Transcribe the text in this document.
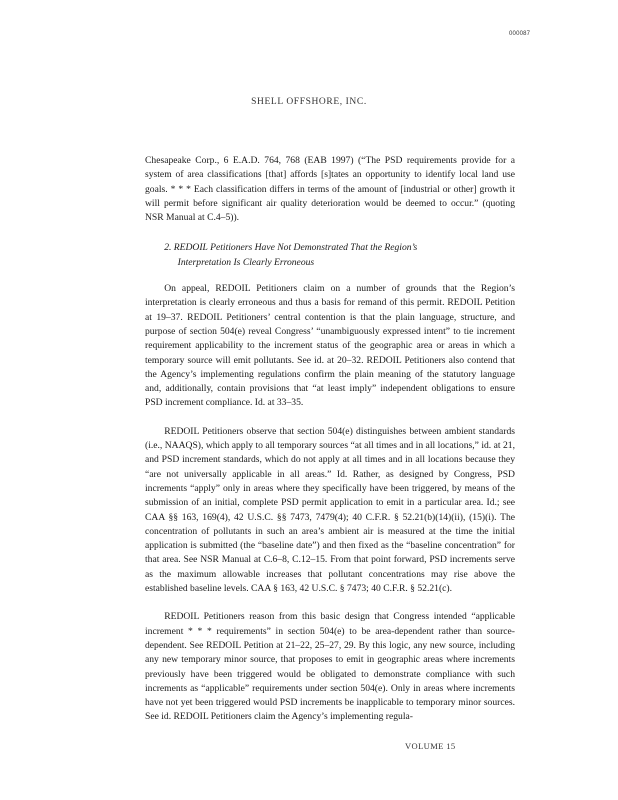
000087
SHELL OFFSHORE, INC.

Chesapeake Corp., 6 E.A.D. 764, 768 (EAB 1997) (“The PSD requirements provide for a system of area classifications [that] affords [s]tates an opportunity to identify local land use goals. * * * Each classification differs in terms of the amount of [industrial or other] growth it will permit before significant air quality deterioration would be deemed to occur.” (quoting NSR Manual at C.4–5)).

2. REDOIL Petitioners Have Not Demonstrated That the Region’s
Interpretation Is Clearly Erroneous

On appeal, REDOIL Petitioners claim on a number of grounds that the Region’s interpretation is clearly erroneous and thus a basis for remand of this permit. REDOIL Petition at 19–37. REDOIL Petitioners’ central contention is that the plain language, structure, and purpose of section 504(e) reveal Congress’ “unambiguously expressed intent” to tie increment requirement applicability to the increment status of the geographic area or areas in which a temporary source will emit pollutants. See id. at 20–32. REDOIL Petitioners also contend that the Agency’s implementing regulations confirm the plain meaning of the statutory language and, additionally, contain provisions that “at least imply” independent obligations to ensure PSD increment compliance. Id. at 33–35.

REDOIL Petitioners observe that section 504(e) distinguishes between ambient standards (i.e., NAAQS), which apply to all temporary sources “at all times and in all locations,” id. at 21, and PSD increment standards, which do not apply at all times and in all locations because they “are not universally applicable in all areas.” Id. Rather, as designed by Congress, PSD increments “apply” only in areas where they specifically have been triggered, by means of the submission of an initial, complete PSD permit application to emit in a particular area. Id.; see CAA §§ 163, 169(4), 42 U.S.C. §§ 7473, 7479(4); 40 C.F.R. § 52.21(b)(14)(ii), (15)(i). The concentration of pollutants in such an area’s ambient air is measured at the time the initial application is submitted (the “baseline date”) and then fixed as the “baseline concentration” for that area. See NSR Manual at C.6–8, C.12–15. From that point forward, PSD increments serve as the maximum allowable increases that pollutant concentrations may rise above the established baseline levels. CAA § 163, 42 U.S.C. § 7473; 40 C.F.R. § 52.21(c).

REDOIL Petitioners reason from this basic design that Congress intended “applicable increment * * * requirements” in section 504(e) to be area-dependent rather than source-dependent. See REDOIL Petition at 21–22, 25–27, 29. By this logic, any new source, including any new temporary minor source, that proposes to emit in geographic areas where increments previously have been triggered would be obligated to demonstrate compliance with such increments as “applicable” requirements under section 504(e). Only in areas where increments have not yet been triggered would PSD increments be inapplicable to temporary minor sources. See id. REDOIL Petitioners claim the Agency’s implementing regula-

VOLUME 15
